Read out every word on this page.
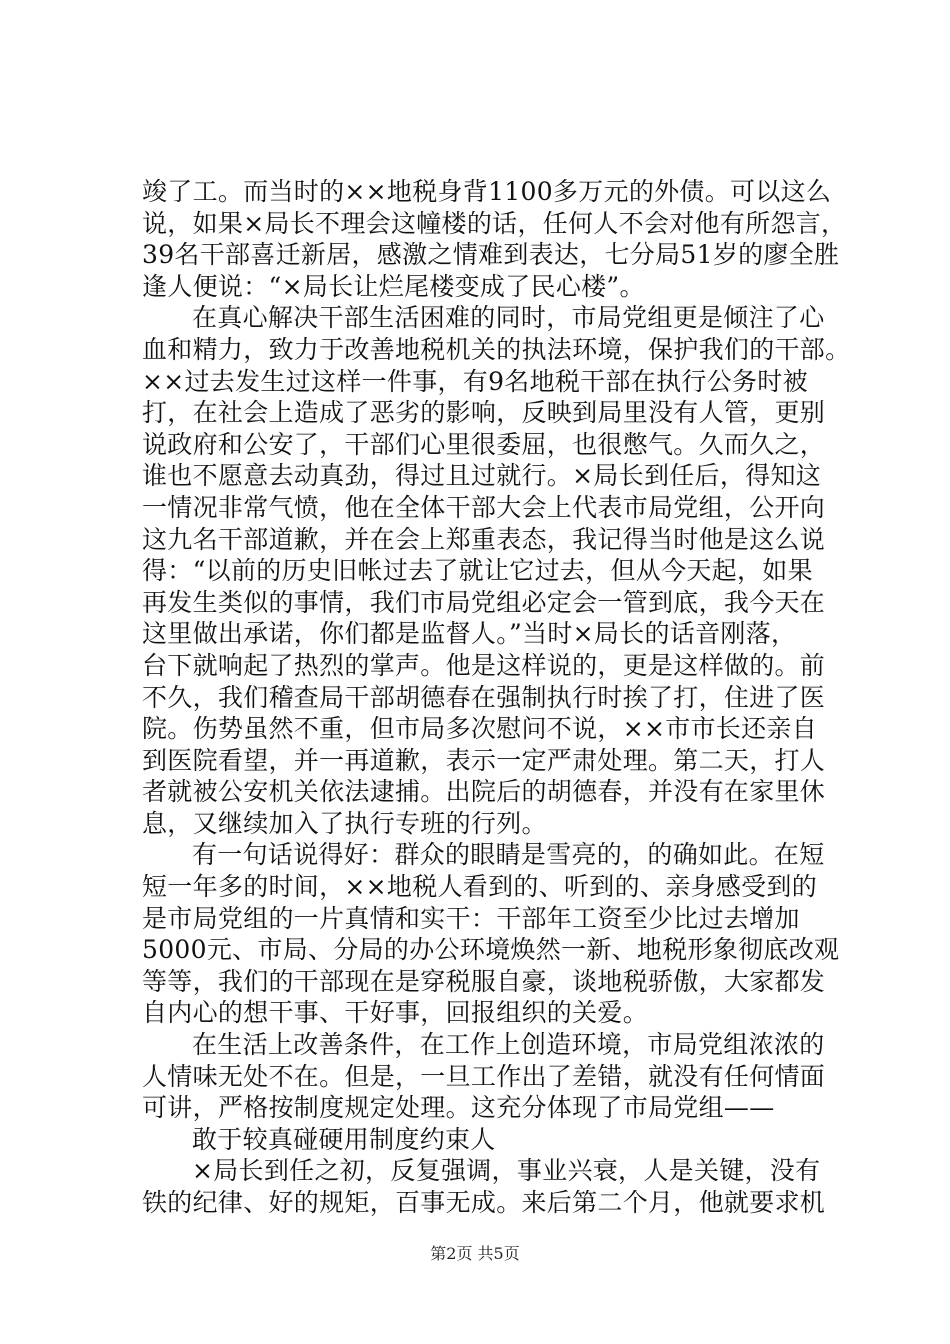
竣了工。而当时的××地税身背1100多万元的外债。可以这么
说，如果×局长不理会这幢楼的话，任何人不会对他有所怨言，
39名干部喜迁新居，感激之情难到表达，七分局51岁的廖全胜
逢人便说：“×局长让烂尾楼变成了民心楼”。
在真心解决干部生活困难的同时，市局党组更是倾注了心
血和精力，致力于改善地税机关的执法环境，保护我们的干部。
××过去发生过这样一件事，有9名地税干部在执行公务时被
打，在社会上造成了恶劣的影响，反映到局里没有人管，更别
说政府和公安了，干部们心里很委屈，也很憋气。久而久之，
谁也不愿意去动真劲，得过且过就行。×局长到任后，得知这
一情况非常气愤，他在全体干部大会上代表市局党组，公开向
这九名干部道歉，并在会上郑重表态，我记得当时他是这么说
得：“以前的历史旧帐过去了就让它过去，但从今天起，如果
再发生类似的事情，我们市局党组必定会一管到底，我今天在
这里做出承诺，你们都是监督人。”当时×局长的话音刚落，
台下就响起了热烈的掌声。他是这样说的，更是这样做的。前
不久，我们稽查局干部胡德春在强制执行时挨了打，住进了医
院。伤势虽然不重，但市局多次慰问不说，××市市长还亲自
到医院看望，并一再道歉，表示一定严肃处理。第二天，打人
者就被公安机关依法逮捕。出院后的胡德春，并没有在家里休
息，又继续加入了执行专班的行列。
有一句话说得好：群众的眼睛是雪亮的，的确如此。在短
短一年多的时间，××地税人看到的、听到的、亲身感受到的
是市局党组的一片真情和实干：干部年工资至少比过去增加
5000元、市局、分局的办公环境焕然一新、地税形象彻底改观
等等，我们的干部现在是穿税服自豪，谈地税骄傲，大家都发
自内心的想干事、干好事，回报组织的关爱。
在生活上改善条件，在工作上创造环境，市局党组浓浓的
人情味无处不在。但是，一旦工作出了差错，就没有任何情面
可讲，严格按制度规定处理。这充分体现了市局党组——
敢于较真碰硬用制度约束人
×局长到任之初，反复强调，事业兴衰，人是关键，没有
铁的纪律、好的规矩，百事无成。来后第二个月，他就要求机
第2页 共5页
